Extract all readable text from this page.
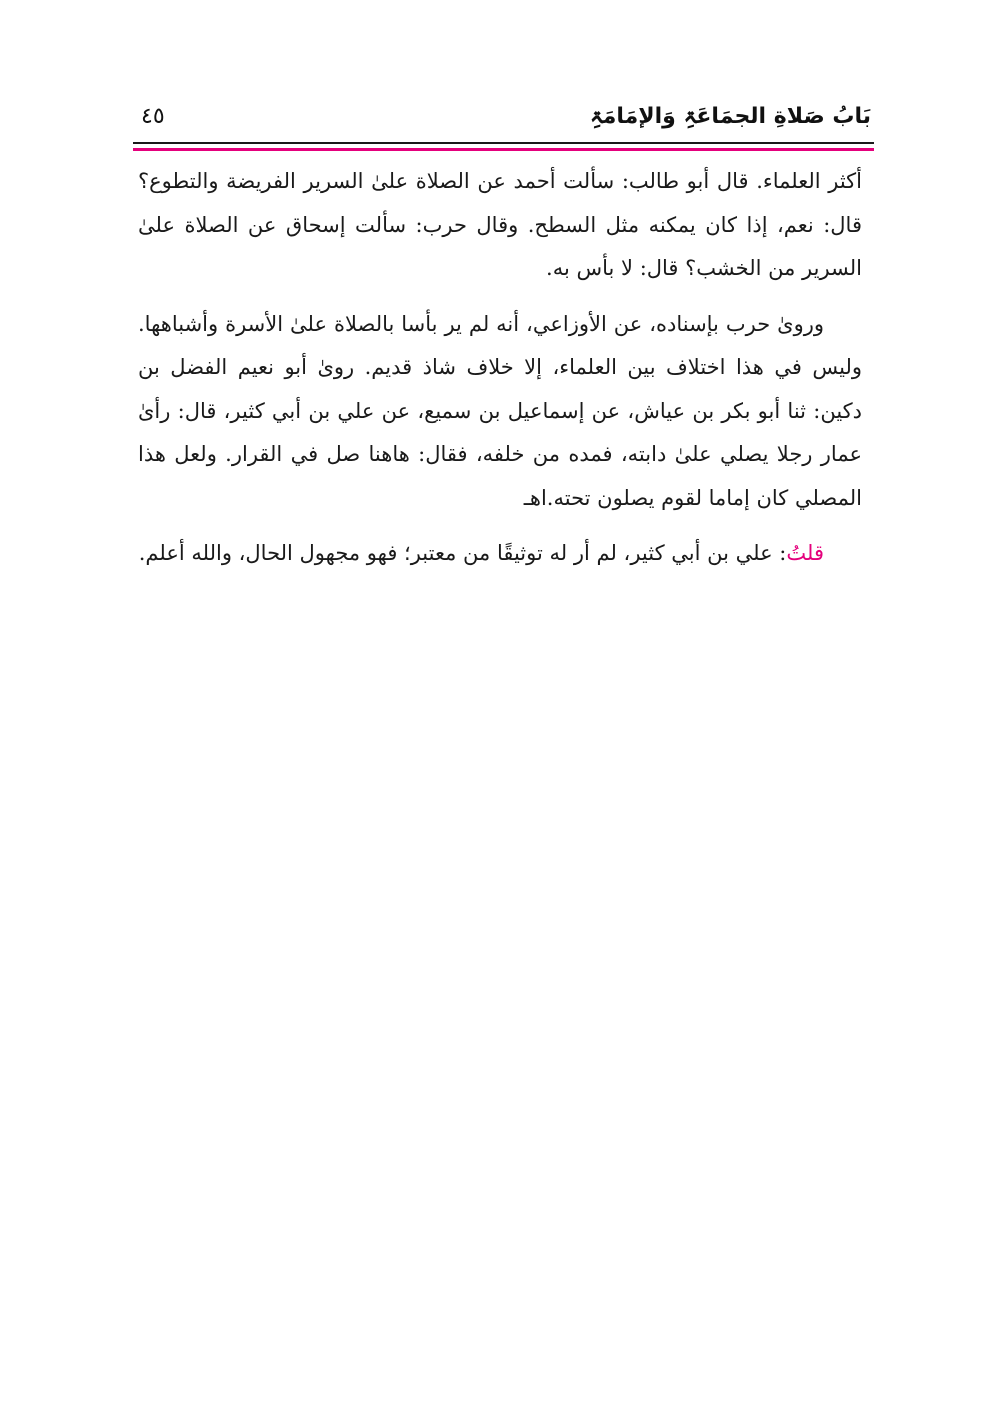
بَابُ صَلاةِ الجمَاعَۃِ وَالإمَامَۃِ
٤٥

أكثر العلماء. قال أبو طالب: سألت أحمد عن الصلاة علىٰ السرير الفريضة والتطوع؟ قال: نعم، إذا كان يمكنه مثل السطح. وقال حرب: سألت إسحاق عن الصلاة علىٰ السرير من الخشب؟ قال: لا بأس به.

وروىٰ حرب بإسناده، عن الأوزاعي، أنه لم ير بأسا بالصلاة علىٰ الأسرة وأشباهها. وليس في هذا اختلاف بين العلماء، إلا خلاف شاذ قديم. روىٰ أبو نعيم الفضل بن دكين: ثنا أبو بكر بن عياش، عن إسماعيل بن سميع، عن علي بن أبي كثير، قال: رأىٰ عمار رجلا يصلي علىٰ دابته، فمده من خلفه، فقال: هاهنا صل في القرار. ولعل هذا المصلي كان إماما لقوم يصلون تحته.اهـ

قلتُ: علي بن أبي كثير، لم أر له توثيقًا من معتبر؛ فهو مجهول الحال، والله أعلم.
